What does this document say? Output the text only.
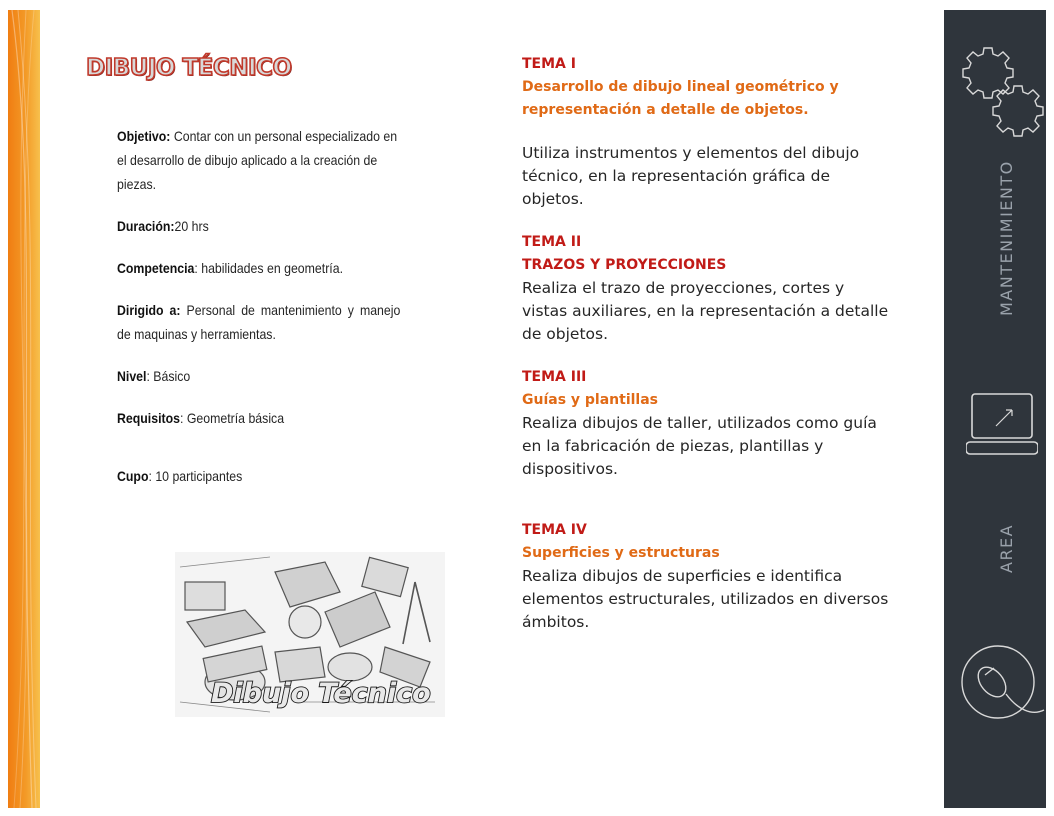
DIBUJO TÉCNICO
Objetivo: Contar con un personal especializado en el desarrollo de dibujo aplicado a la creación de piezas.
Duración:20 hrs
Competencia: habilidades en geometría.
Dirigido a: Personal de mantenimiento y manejo de maquinas y herramientas.
Nivel: Básico
Requisitos: Geometría básica
Cupo: 10 participantes
Dibujo Técnico
TEMA I
Desarrollo de dibujo lineal geométrico y representación a detalle de objetos.
Utiliza instrumentos y elementos del dibujo técnico, en la representación gráfica de objetos.
TEMA II
TRAZOS Y PROYECCIONES
Realiza el trazo de proyecciones, cortes y vistas auxiliares, en la representación a detalle de objetos.
TEMA III
Guías y plantillas
Realiza dibujos de taller, utilizados como guía en la fabricación de piezas, plantillas y dispositivos.
TEMA IV
Superficies y estructuras
Realiza dibujos de superficies e identifica elementos estructurales, utilizados en diversos ámbitos.
MANTENIMIENTO
AREA
